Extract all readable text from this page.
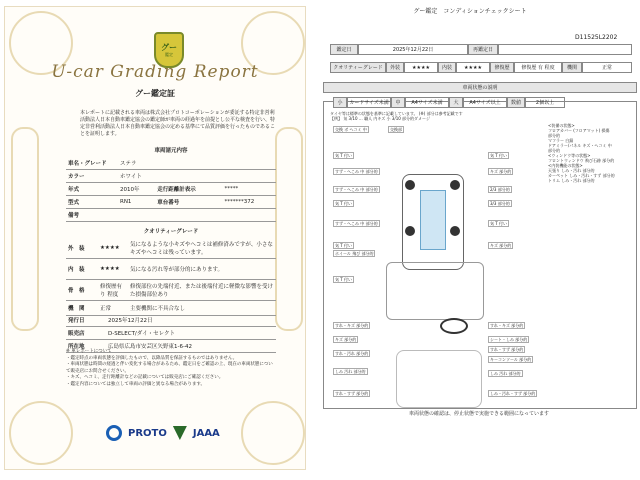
グー
鑑定
U-car Grading Report
グー鑑定証
本レポートに記載される車両は株式会社プロトコーポレーションが委託する特定非営利活動法人日本自動車鑑定協会の鑑定師が車両の経過年を前提とし公平な検査を行い、特定非営利活動法人日本自動車鑑定協会の定める基準にて品質評価を行ったものであることを証明します。
車両諸元内容
車名・グレード	ステラ		
カラー	ホワイト		
年式	2010年	走行距離計表示	*****
型式	RN1	車台番号	*******372
備考			
クオリティーグレード
外　装	★★★★	気になるような小キズやヘコミは補修済みですが、小さなキズやヘコミは残っています。
内　装	★★★★	気になる汚れ等が部分的にあります。
骨　格	修復歴有り 程度	修復部位の先端付近、または後端付近に軽微な影響を受けた損傷部位あり
機　関	正常	主要機関に不具合なし
発行日	2025年12月22日
販売店	D-SELECT/ダイ・セレクト
所在地	広島県広島市安芸区矢野東1-6-42
※ 車レポートについて
・鑑定時点の車両状態を評価したもので、以降品質を保証するものではありません。
・車両状態は時間の経過と伴い変化する場合があるため、鑑定日をご確認の上、現在の車両状態について販売店にお問合せください。
・キズ、ヘコミ、走行距離計などの記載については販売店にご確認ください。
・鑑定内容については独立して車両の評価と異なる場合があります。
PROTO	JAAA
グー鑑定　コンディションチェックシート
D11525L2202
鑑定日	2025年12月22日	再鑑定日
クオリティーグレード	外装	★★★★	内装	★★★★	修復歴	修復歴 有 程度	機関	正常
車両状態の説明
小	カードサイズ未満	中	A4サイズ未満	大	A4サイズ以上	数値	2個以上
タイヤ等は標準の状態を基準に記載しています。 (※) 部分は参考記載です
【例】 気 3/10 … 職人 内キズ 小 3/10 部分的ダメージ
<装備の状態>
フロアカバー (フロアマット) 損傷
部分的
マフラー 白錆
ドアミラー/パネル キズ・ヘコミ 中
部分的
<ウィンドウ等の状態>
フロントウィンドウ 飛び石跡 部分的
<内装機能の状態>
天張り しみ・汚れ 部分的
カーペット しみ・汚れ・すず 部分的
トリム しみ・汚れ 部分的
交換 ボ ヘコミ 中	交換部
気 T 付い
すず・へこみ 中 部分的
気 T 付い
キズ 部分的
すず・へこみ 中 部分的
気 T 付い
2/3 部分的
3/3 部分的
すず・へこみ 中 部分的	気 T 付い
気 T 付い
ホイール 飛び 部分的
キズ 部分的
気 T 付い
すれ・キズ 部分的
すれ・キズ 部分的
キズ 部分的	シート・しみ 部分的
すれ・すず 部分的
キーコンソール 部分的
すれ・汚れ 部分的
しみ 汚れ 部分的	しみ 汚れ 部分的
すれ・すず 部分的	しみ・汚れ・すず 部分的
車両状態の確認は、停止状態で実施できる範囲になっています
